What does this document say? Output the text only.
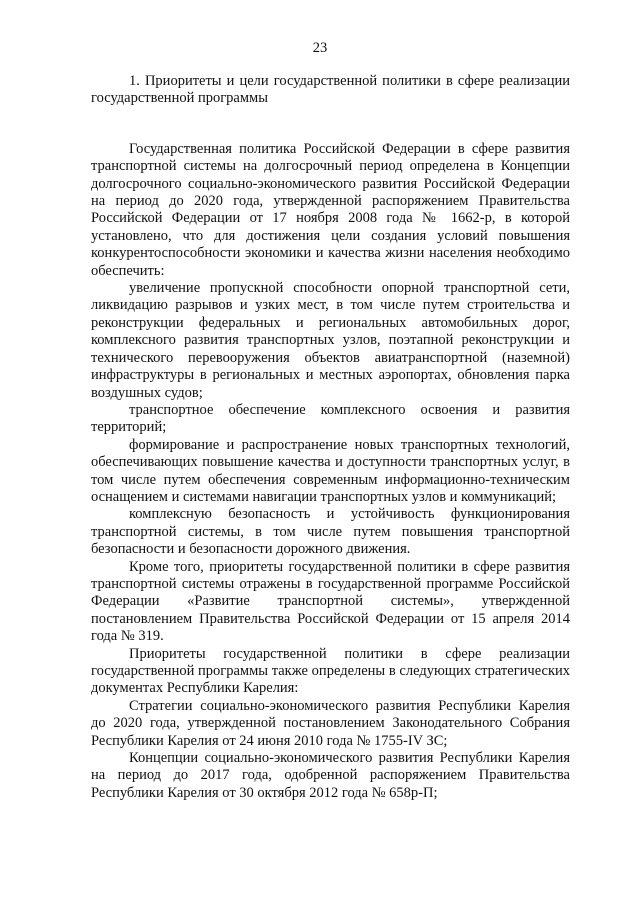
23

1. Приоритеты и цели государственной политики в сфере реализации государственной программы

Государственная политика Российской Федерации в сфере развития транспортной системы на долгосрочный период определена в Концепции долгосрочного социально-экономического развития Российской Федерации на период до 2020 года, утвержденной распоряжением Правительства Российской Федерации от 17 ноября 2008 года № 1662-р, в которой установлено, что для достижения цели создания условий повышения конкурентоспособности экономики и качества жизни населения необходимо обеспечить:

увеличение пропускной способности опорной транспортной сети, ликвидацию разрывов и узких мест, в том числе путем строительства и реконструкции федеральных и региональных автомобильных дорог, комплексного развития транспортных узлов, поэтапной реконструкции и технического перевооружения объектов авиатранспортной (наземной) инфраструктуры в региональных и местных аэропортах, обновления парка воздушных судов;

транспортное обеспечение комплексного освоения и развития территорий;

формирование и распространение новых транспортных технологий, обеспечивающих повышение качества и доступности транспортных услуг, в том числе путем обеспечения современным информационно-техническим оснащением и системами навигации транспортных узлов и коммуникаций;

комплексную безопасность и устойчивость функционирования транспортной системы, в том числе путем повышения транспортной безопасности и безопасности дорожного движения.

Кроме того, приоритеты государственной политики в сфере развития транспортной системы отражены в государственной программе Российской Федерации «Развитие транспортной системы», утвержденной постановлением Правительства Российской Федерации от 15 апреля 2014 года № 319.

Приоритеты государственной политики в сфере реализации государственной программы также определены в следующих стратегических документах Республики Карелия:

Стратегии социально-экономического развития Республики Карелия до 2020 года, утвержденной постановлением Законодательного Собрания Республики Карелия от 24 июня 2010 года № 1755-IV ЗС;

Концепции социально-экономического развития Республики Карелия на период до 2017 года, одобренной распоряжением Правительства Республики Карелия от 30 октября 2012 года № 658р-П;
